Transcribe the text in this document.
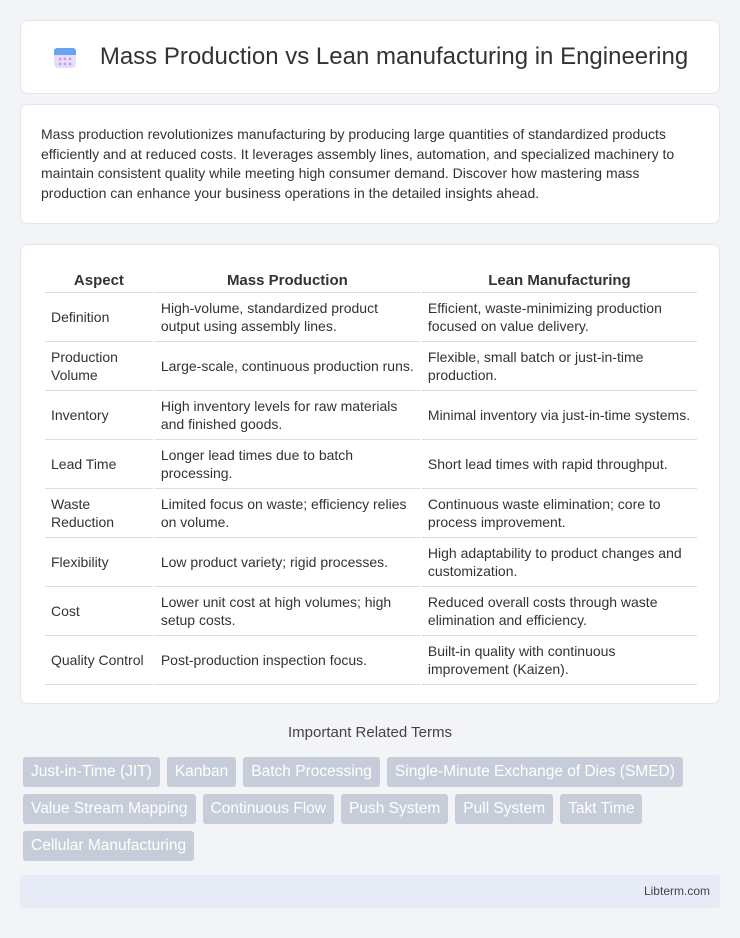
Mass Production vs Lean manufacturing in Engineering

Mass production revolutionizes manufacturing by producing large quantities of standardized products efficiently and at reduced costs. It leverages assembly lines, automation, and specialized machinery to maintain consistent quality while meeting high consumer demand. Discover how mastering mass production can enhance your business operations in the detailed insights ahead.

Aspect	Mass Production	Lean Manufacturing
Definition	High-volume, standardized product output using assembly lines.	Efficient, waste-minimizing production focused on value delivery.
Production Volume	Large-scale, continuous production runs.	Flexible, small batch or just-in-time production.
Inventory	High inventory levels for raw materials and finished goods.	Minimal inventory via just-in-time systems.
Lead Time	Longer lead times due to batch processing.	Short lead times with rapid throughput.
Waste Reduction	Limited focus on waste; efficiency relies on volume.	Continuous waste elimination; core to process improvement.
Flexibility	Low product variety; rigid processes.	High adaptability to product changes and customization.
Cost	Lower unit cost at high volumes; high setup costs.	Reduced overall costs through waste elimination and efficiency.
Quality Control	Post-production inspection focus.	Built-in quality with continuous improvement (Kaizen).
Important Related Terms
Just-in-Time (JIT)	Kanban	Batch Processing	Single-Minute Exchange of Dies (SMED)
Value Stream Mapping	Continuous Flow	Push System	Pull System	Takt Time
Cellular Manufacturing
Libterm.com
